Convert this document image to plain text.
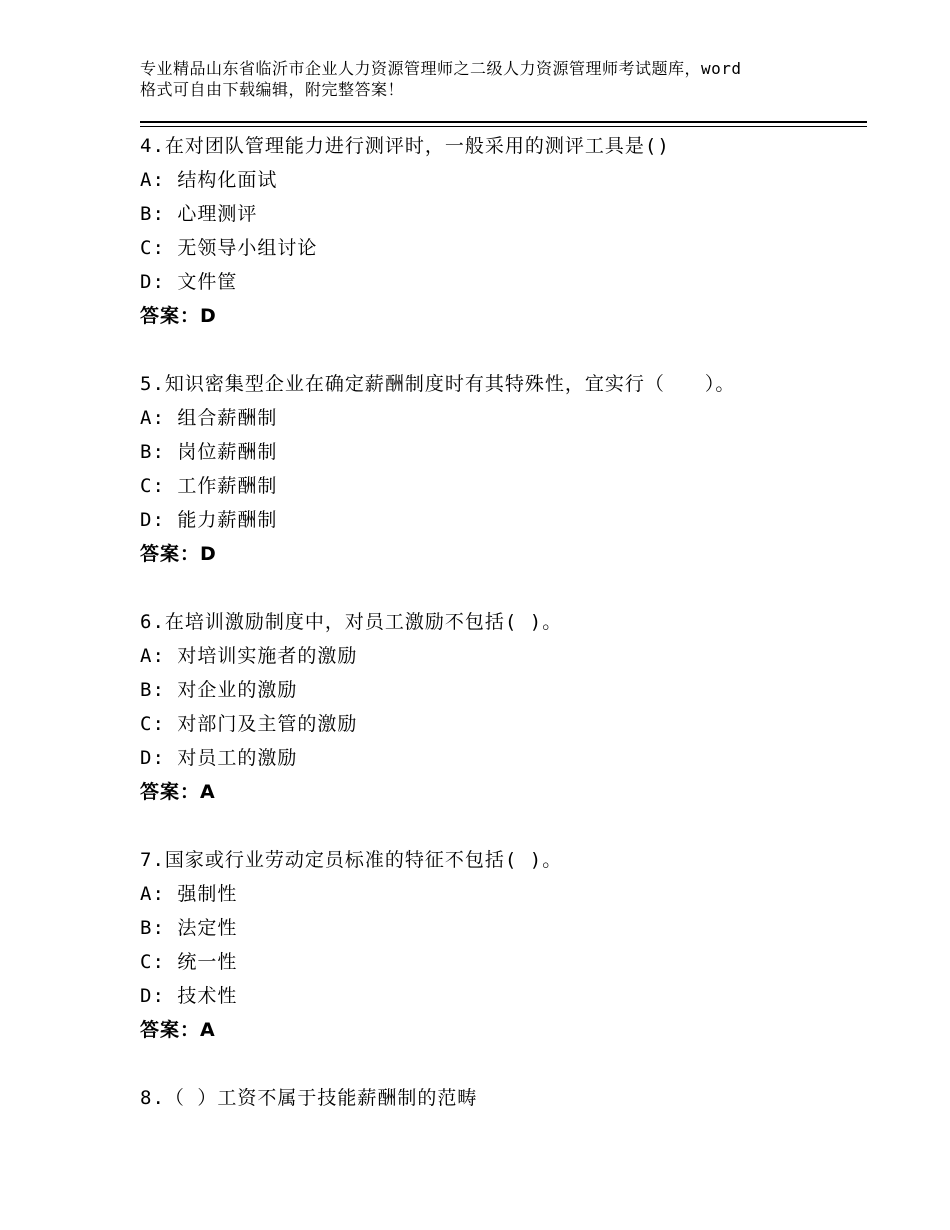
专业精品山东省临沂市企业人力资源管理师之二级人力资源管理师考试题库，word
格式可自由下载编辑，附完整答案！
4.在对团队管理能力进行测评时，一般采用的测评工具是()
A: 结构化面试
B: 心理测评
C: 无领导小组讨论
D: 文件筐
答案：D
5.知识密集型企业在确定薪酬制度时有其特殊性，宜实行（　　）。
A: 组合薪酬制
B: 岗位薪酬制
C: 工作薪酬制
D: 能力薪酬制
答案：D
6.在培训激励制度中，对员工激励不包括( )。
A: 对培训实施者的激励
B: 对企业的激励
C: 对部门及主管的激励
D: 对员工的激励
答案：A
7.国家或行业劳动定员标准的特征不包括( )。
A: 强制性
B: 法定性
C: 统一性
D: 技术性
答案：A
8.（ ）工资不属于技能薪酬制的范畴
